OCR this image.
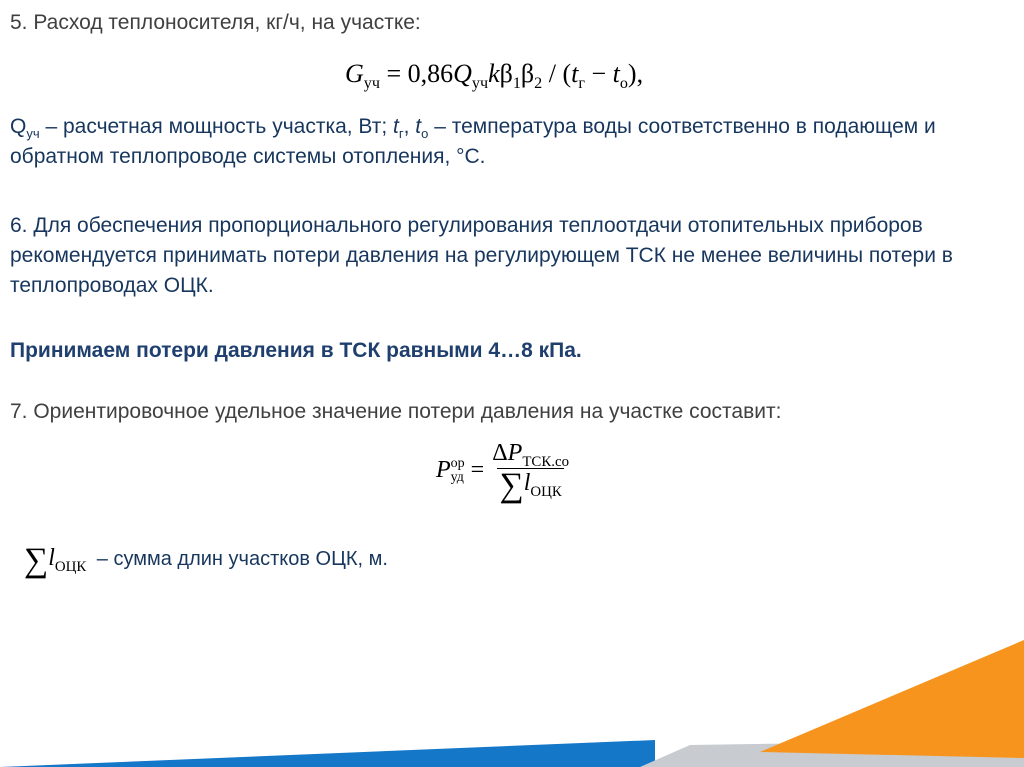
5. Расход теплоносителя, кг/ч, на участке:

$G_{уч} = 0,86Q_{уч}k\beta_1\beta_2 / (t_г - t_о)$,

$Q_{уч}$ – расчетная мощность участка, Вт; $t_г$, $t_о$ – температура воды соответственно в подающем и обратном теплопроводе системы отопления, °С.

6. Для обеспечения пропорционального регулирования теплоотдачи отопительных приборов рекомендуется принимать потери давления на регулирующем ТСК не менее величины потери в теплопроводах ОЦК.

Принимаем потери давления в ТСК равными 4…8 кПа.

7. Ориентировочное удельное значение потери давления на участке составит:

P ор
уд = $\frac{\Delta P_{ТСК.со}}{\sum l_{ОЦК}}$
$\sum l_{ОЦК}$ – сумма длин участков ОЦК, м.
